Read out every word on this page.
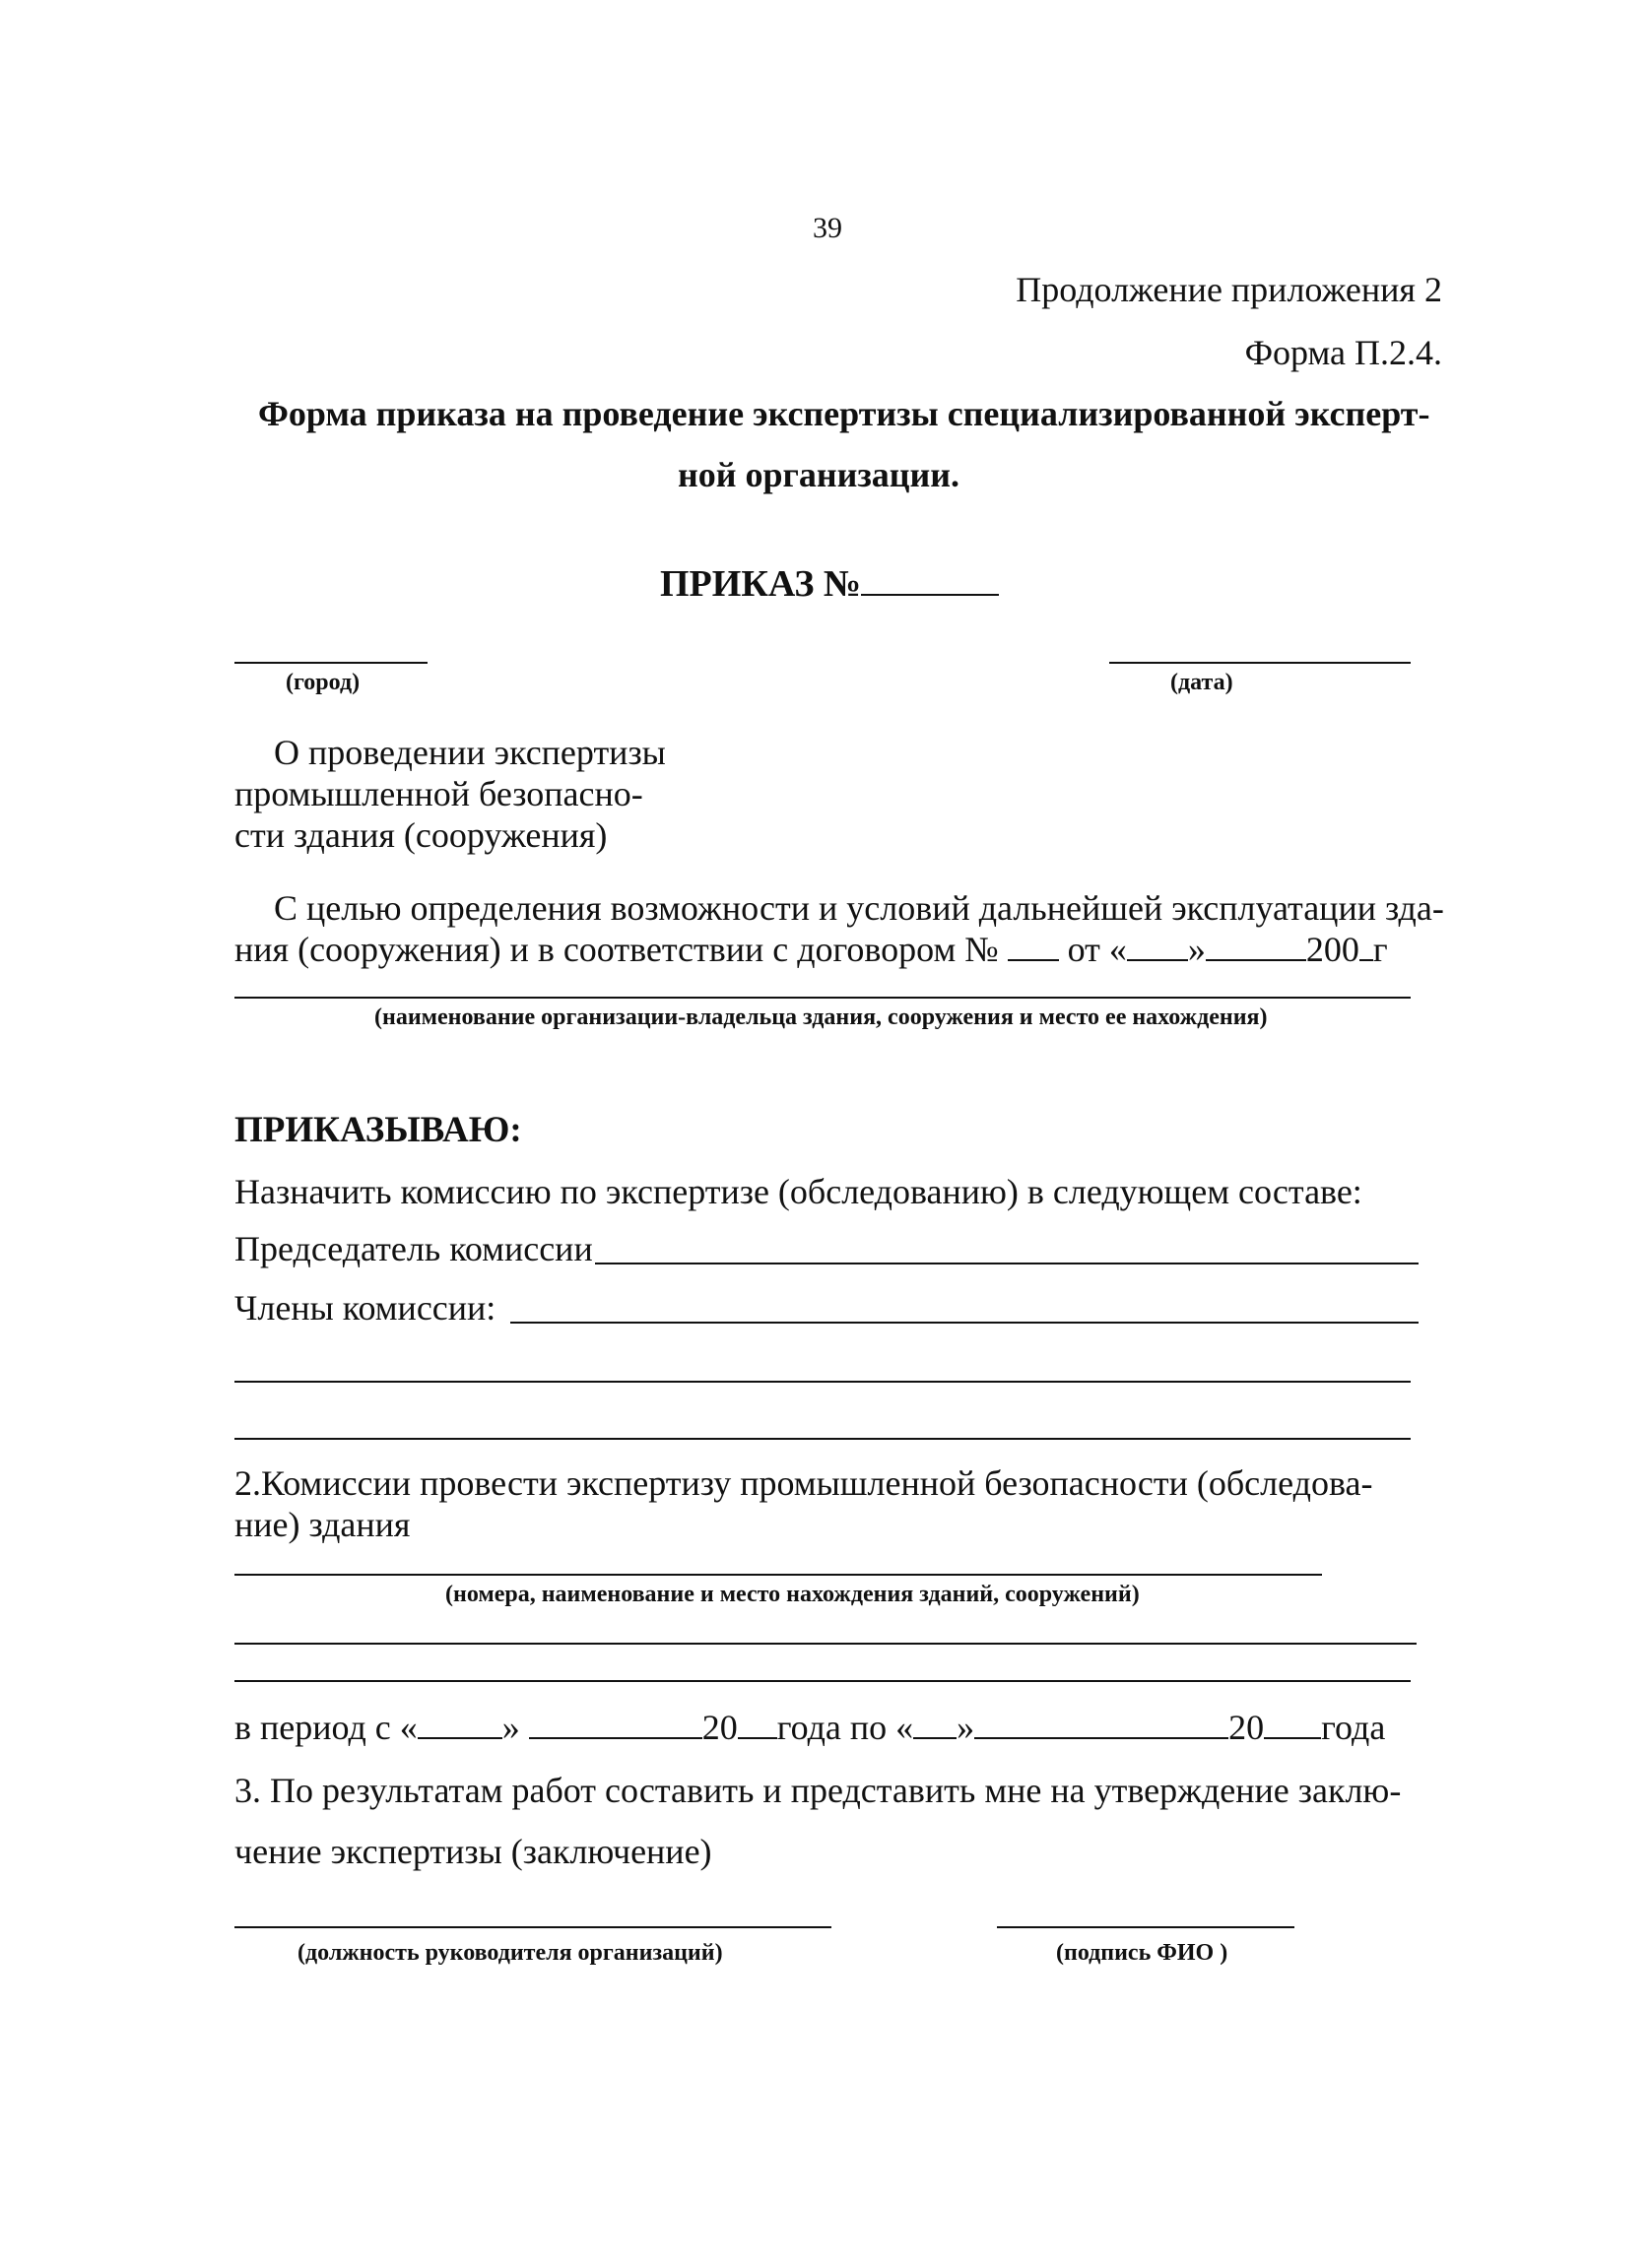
39
Продолжение приложения 2
Форма П.2.4.
Форма приказа на проведение экспертизы специализированной эксперт-
ной организации.
ПРИКАЗ №
(город)	(дата)
О проведении экспертизы
промышленной безопасно-
сти здания (сооружения)
С целью определения возможности и условий дальнейшей эксплуатации зда-
ния (сооружения) и в соответствии с договором № от « »	200 г
(наименование организации-владельца здания, сооружения и место ее нахождения)
ПРИКАЗЫВАЮ:
Назначить комиссию по экспертизе (обследованию) в следующем составе:
Председатель комиссии
Члены комиссии:
2.Комиссии провести экспертизу промышленной безопасности (обследова-
ние) здания
(номера, наименование и место нахождения зданий, сооружений)
в период с « »	20 года по « »	20 года
3. По результатам работ составить и представить мне на утверждение заклю-
чение экспертизы (заключение)
(должность руководителя организаций)	(подпись ФИО )
